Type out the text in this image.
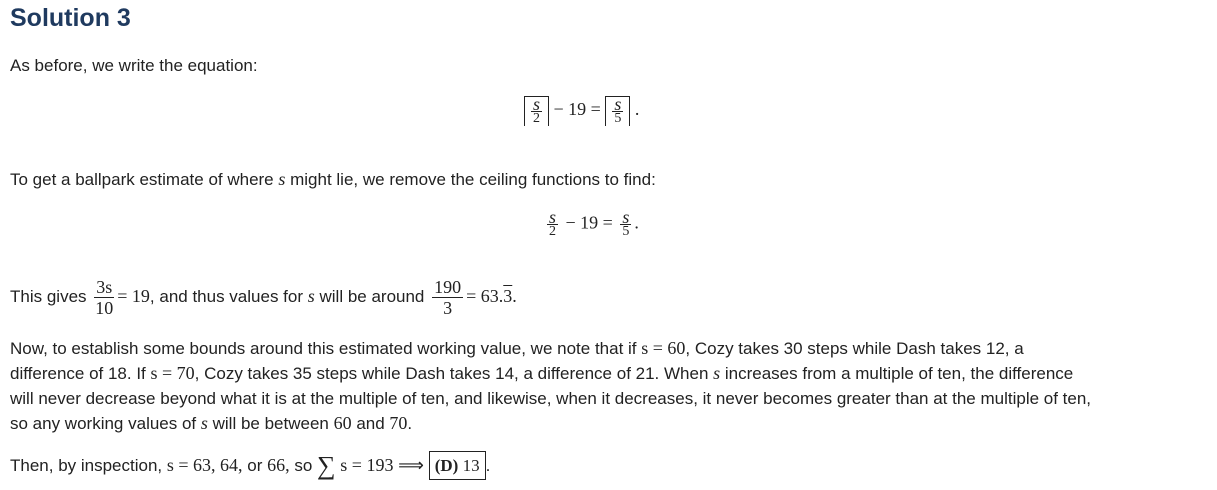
Solution 3
As before, we write the equation:
$\frac{s}{2} - 19 = \frac{s}{5}$ .
To get a ballpark estimate of where s might lie, we remove the ceiling functions to find:
$\frac{s}{2} - 19 = \frac{s}{5}$ .
This gives $\frac{3s}{10} = 19$, and thus values for s will be around $\frac{190}{3} = 63.3$.
Now, to establish some bounds around this estimated working value, we note that if s = 60, Cozy takes 30 steps while Dash takes 12, a
difference of 18. If s = 70, Cozy takes 35 steps while Dash takes 14, a difference of 21. When s increases from a multiple of ten, the difference
will never decrease beyond what it is at the multiple of ten, and likewise, when it decreases, it never becomes greater than at the multiple of ten,
so any working values of s will be between 60 and 70.
Then, by inspection, s = 63, 64, or 66, so ∑ s = 193 ⟹ (D) 13 .
